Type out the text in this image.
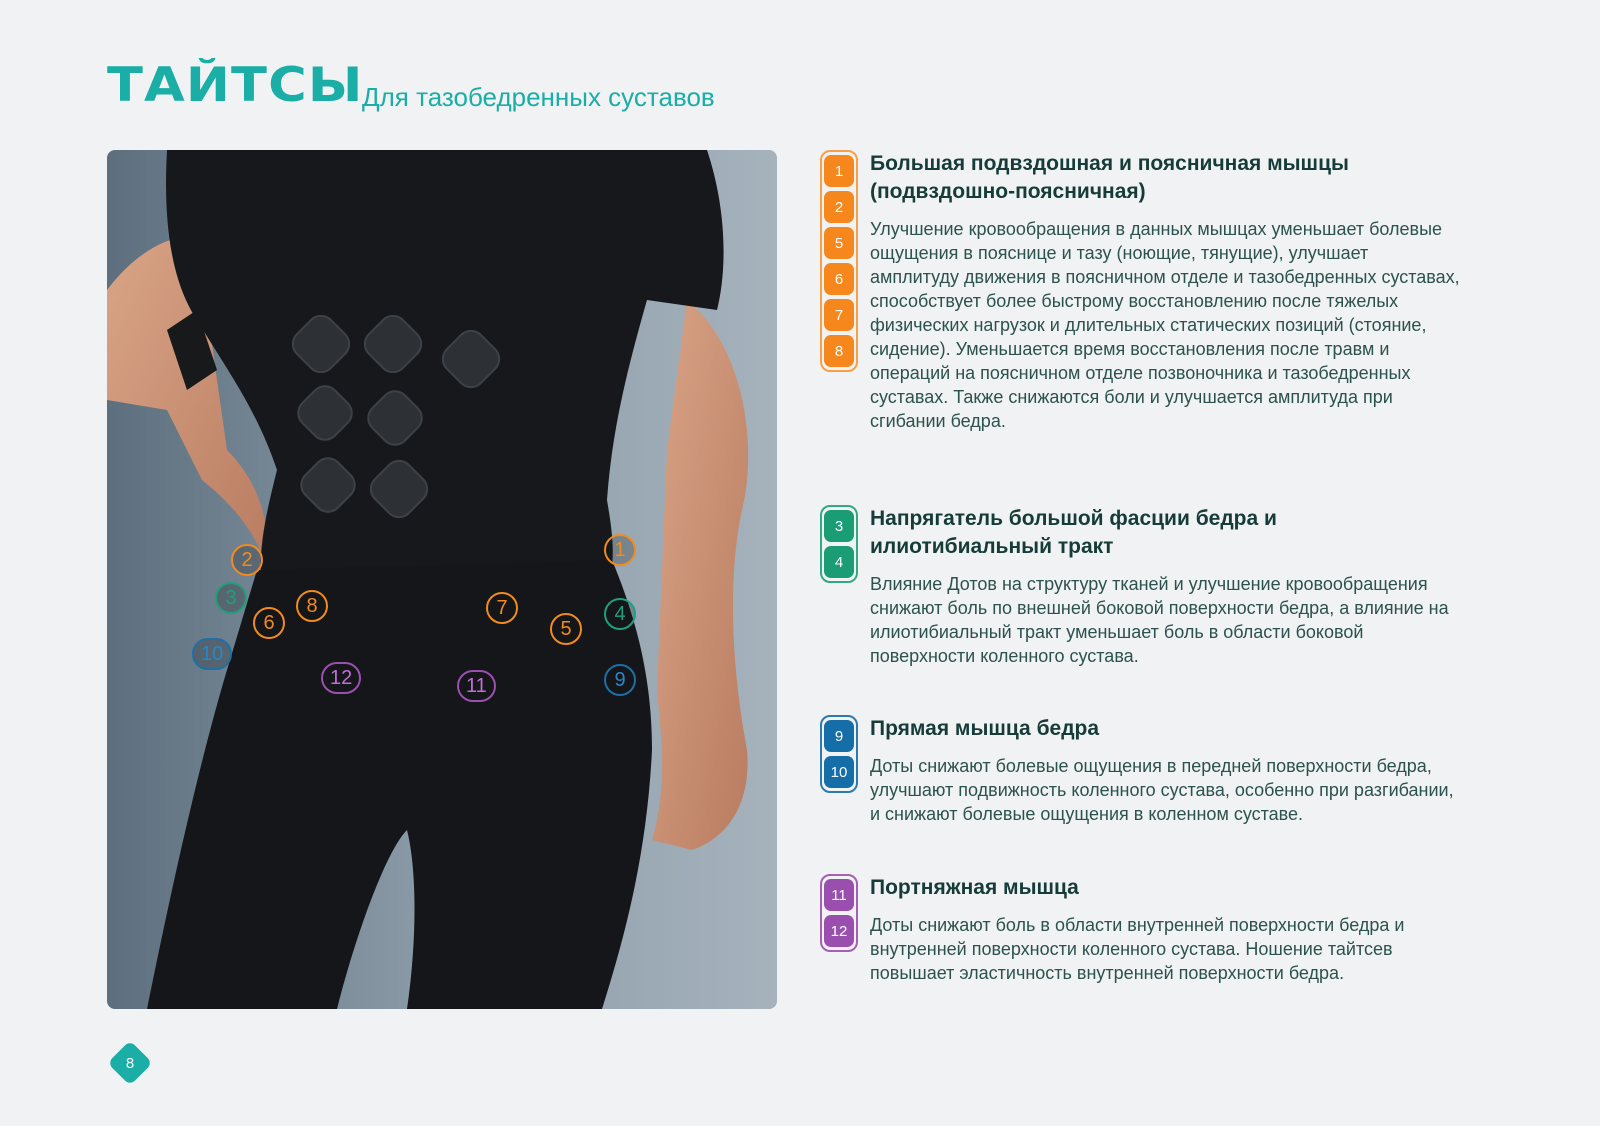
ТАЙТСЫ
Для тазобедренных суставов
1
2
3
4
5
6
7
8
9
10
11
12
1
2
5
6
7
8
Большая подвздошная и поясничная мышцы (подвздошно-поясничная)
Улучшение кровообращения в данных мышцах уменьшает болевые ощущения в пояснице и тазу (ноющие, тянущие), улучшает амплитуду движения в поясничном отделе и тазобедренных суставах, способствует более быстрому восстановлению после тяжелых физических нагрузок и длительных статических позиций (стояние, сидение). Уменьшается время восстановления после травм и операций на поясничном отделе позвоночника и тазобедренных суставах. Также снижаются боли и улучшается амплитуда при сгибании бедра.
3
4
Напрягатель большой фасции бедра и илиотибиальный тракт
Влияние Дотов на структуру тканей и улучшение кровообращения снижают боль по внешней боковой поверхности бедра, а влияние на илиотибиальный тракт уменьшает боль в области боковой поверхности коленного сустава.
9
10
Прямая мышца бедра
Доты снижают болевые ощущения в передней поверхности бедра, улучшают подвижность коленного сустава, особенно при разгибании, и снижают болевые ощущения в коленном суставе.
11
12
Портняжная мышца
Доты снижают боль в области внутренней поверхности бедра и внутренней поверхности коленного сустава. Ношение тайтсев повышает эластичность внутренней поверхности бедра.
8
